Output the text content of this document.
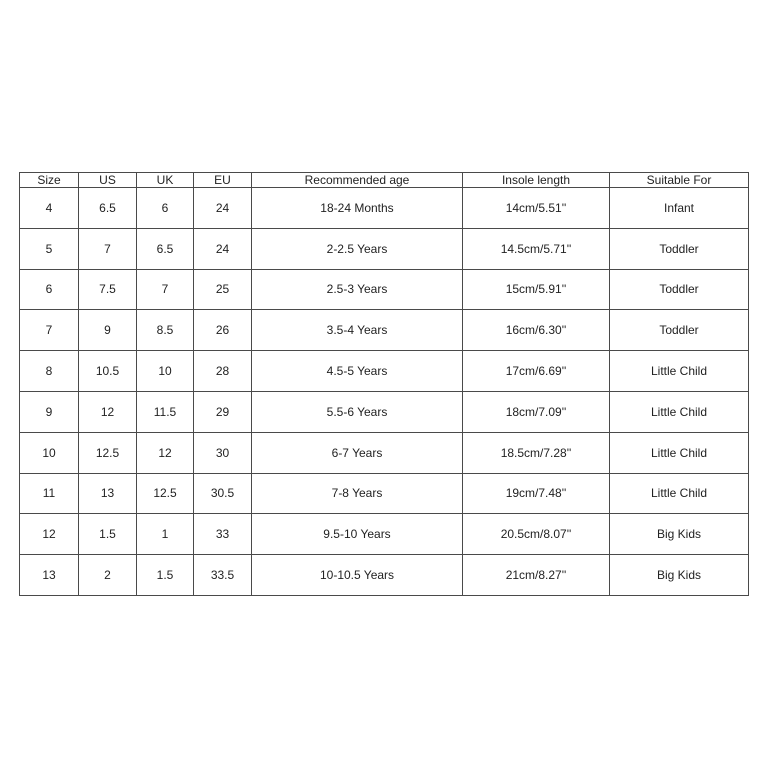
Size	US	UK	EU	Recommended age	Insole length	Suitable For
4	6.5	6	24	18-24 Months	14cm/5.51''	Infant
5	7	6.5	24	2-2.5 Years	14.5cm/5.71''	Toddler
6	7.5	7	25	2.5-3 Years	15cm/5.91''	Toddler
7	9	8.5	26	3.5-4 Years	16cm/6.30''	Toddler
8	10.5	10	28	4.5-5 Years	17cm/6.69''	Little Child
9	12	11.5	29	5.5-6 Years	18cm/7.09''	Little Child
10	12.5	12	30	6-7 Years	18.5cm/7.28''	Little Child
11	13	12.5	30.5	7-8 Years	19cm/7.48''	Little Child
12	1.5	1	33	9.5-10 Years	20.5cm/8.07''	Big Kids
13	2	1.5	33.5	10-10.5 Years	21cm/8.27''	Big Kids
